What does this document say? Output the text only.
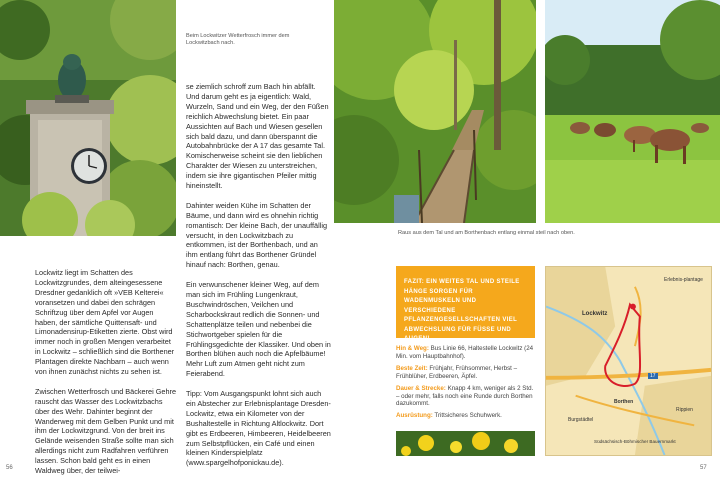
Beim Lockwitzer Wetterfrosch immer dem Lockwitzbach nach.

se ziemlich schroff zum Bach hin abfällt. Und darum geht es ja eigentlich: Wald, Wurzeln, Sand und ein Weg, der den Füßen reichlich Abwechslung bietet. Ein paar Aussichten auf Bach und Wiesen gesellen sich bald dazu, und dann überspannt die Autobahnbrücke der A 17 das gesamte Tal. Komischerweise scheint sie den lieblichen Charakter der Wiesen zu unterstreichen, indem sie ihre gigantischen Pfeiler mittig hineinstellt.

Dahinter weiden Kühe im Schatten der Bäume, und dann wird es ohnehin richtig romantisch: Der kleine Bach, der unauffällig versucht, in den Lockwitzbach zu entkommen, ist der Borthenbach, und an ihm entlang führt das Borthener Gründel hinauf nach: Borthen, genau.

Ein verwunschener kleiner Weg, auf dem man sich im Frühling Lungenkraut, Buschwindröschen, Veilchen und Scharbockskraut redlich die Sonnen- und Schattenplätze teilen und nebenbei die Stichwortgeber spielen für die Frühlingsgedichte der Klassiker. Und oben in Borthen blühen auch noch die Apfelbäume! Mehr Luft zum Atmen geht nicht zum Feierabend.

Tipp: Vom Ausgangspunkt lohnt sich auch ein Abstecher zur Erlebnisplantage Dresden-Lockwitz, etwa ein Kilometer von der Bushaltestelle in Richtung Altlockwitz. Dort gibt es Erdbeeren, Himbeeren, Heidelbeeren zum Selbstpflücken, ein Café und einen kleinen Kinderspielplatz (www.spargelhofponickau.de).

Lockwitz liegt im Schatten des Lockwitzgrundes, dem alteingesessene Dresdner gedanklich oft »VEB Kelterei« voransetzen und dabei den schrägen Schriftzug über dem Apfel vor Augen haben, der sämtliche Quittensaft- und Limonadensirup-Etiketten zierte. Obst wird immer noch in großen Mengen verarbeitet in Lockwitz – schließlich sind die Borthener Plantagen direkte Nachbarn – auch wenn von ihnen zunächst nichts zu sehen ist.

Zwischen Wetterfrosch und Bäckerei Gehre rauscht das Wasser des Lockwitzbachs über des Wehr. Dahinter beginnt der Wanderweg mit dem Gelben Punkt und mit ihm der Lockwitzgrund. Von der breit ins Gelände weisenden Straße sollte man sich allerdings nicht zum Radfahren verführen lassen. Schon bald geht es in einen Waldweg über, der teilwei-

56
Raus aus dem Tal und am Borthenbach entlang einmal steil nach oben.
FAZIT: EIN WEITES TAL UND STEILE HÄNGE SORGEN FÜR WADENMUSKELN UND VERSCHIEDENE PFLANZENGESELLSCHAFTEN VIEL ABWECHSLUNG FÜR FÜSSE UND AUGEN!
Hin & Weg: Bus Linie 66, Haltestelle Lockwitz (24 Min. vom Hauptbahnhof).
Beste Zeit: Frühjahr, Frühsommer, Herbst – Frühblüher, Erdbeeren, Äpfel.
Dauer & Strecke: Knapp 4 km, weniger als 2 Std. – oder mehr, falls noch eine Runde durch Borthen dazukommt.
Ausrüstung: Trittsicheres Schuhwerk.
Lockwitz
Erlebnis-plantage
17
Borthen
Burgstädtel
Rippien
Südsächsisch-Böhmischer Bauernmarkt
57
